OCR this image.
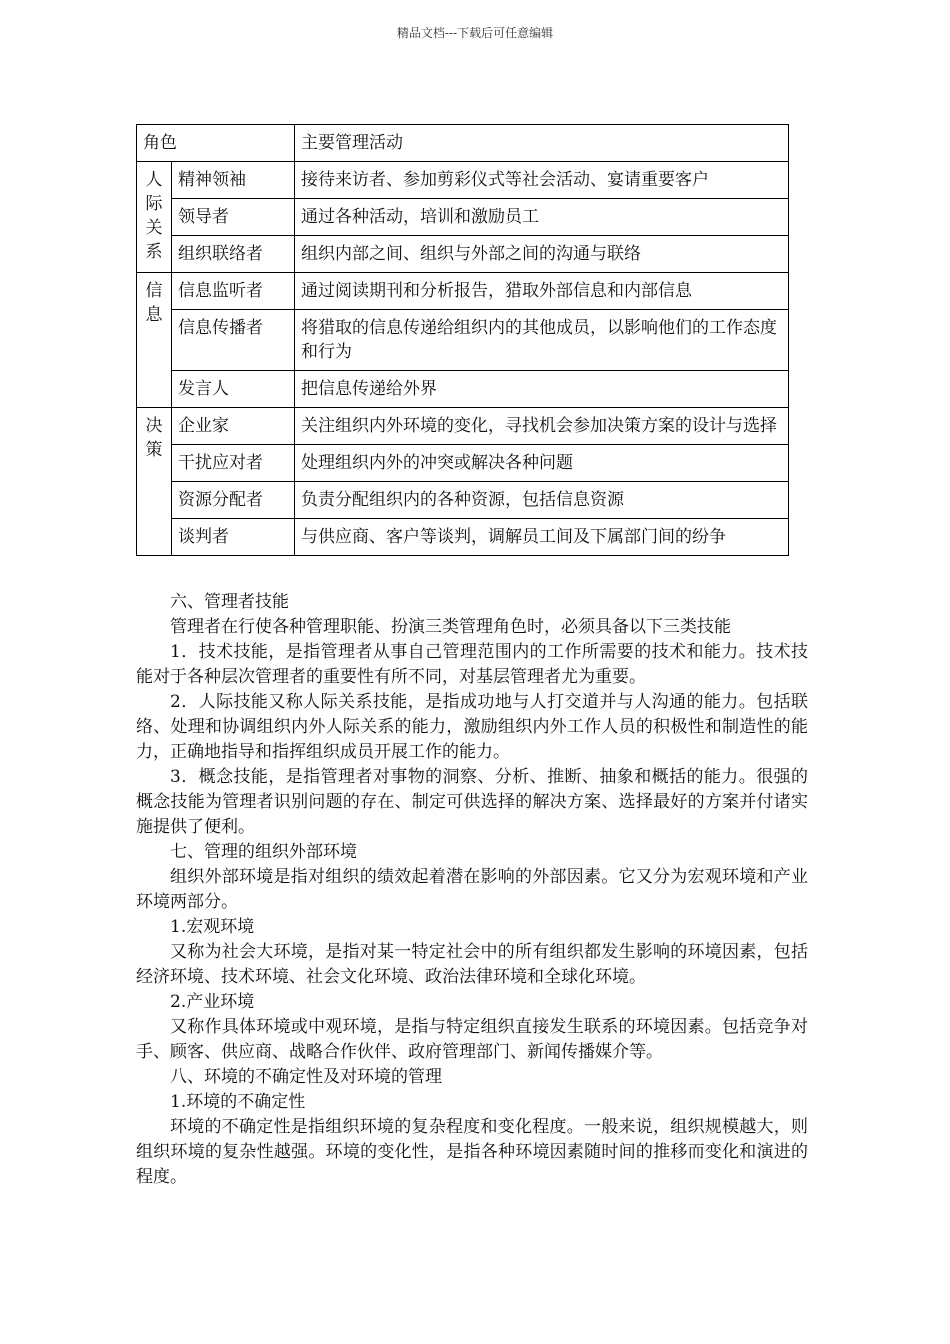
精品文档---下载后可任意编辑
角色		主要管理活动

人际关系	精神领袖	接待来访者、参加剪彩仪式等社会活动、宴请重要客户
	领导者	通过各种活动，培训和激励员工
	组织联络者	组织内部之间、组织与外部之间的沟通与联络

信息	信息监听者	通过阅读期刊和分析报告，猎取外部信息和内部信息
	信息传播者	将猎取的信息传递给组织内的其他成员，以影响他们的工作态度和行为
	发言人	把信息传递给外界

决策	企业家	关注组织内外环境的变化，寻找机会参加决策方案的设计与选择
	干扰应对者	处理组织内外的冲突或解决各种问题
	资源分配者	负责分配组织内的各种资源，包括信息资源
	谈判者	与供应商、客户等谈判，调解员工间及下属部门间的纷争

六、管理者技能

管理者在行使各种管理职能、扮演三类管理角色时，必须具备以下三类技能

1．技术技能，是指管理者从事自己管理范围内的工作所需要的技术和能力。技术技能对于各种层次管理者的重要性有所不同，对基层管理者尤为重要。

2．人际技能又称人际关系技能，是指成功地与人打交道并与人沟通的能力。包括联络、处理和协调组织内外人际关系的能力，激励组织内外工作人员的积极性和制造性的能力，正确地指导和指挥组织成员开展工作的能力。

3．概念技能，是指管理者对事物的洞察、分析、推断、抽象和概括的能力。很强的概念技能为管理者识别问题的存在、制定可供选择的解决方案、选择最好的方案并付诸实施提供了便利。

七、管理的组织外部环境

组织外部环境是指对组织的绩效起着潜在影响的外部因素。它又分为宏观环境和产业环境两部分。

1.宏观环境

又称为社会大环境，是指对某一特定社会中的所有组织都发生影响的环境因素，包括经济环境、技术环境、社会文化环境、政治法律环境和全球化环境。

2.产业环境

又称作具体环境或中观环境，是指与特定组织直接发生联系的环境因素。包括竞争对手、顾客、供应商、战略合作伙伴、政府管理部门、新闻传播媒介等。

八、环境的不确定性及对环境的管理

1.环境的不确定性

环境的不确定性是指组织环境的复杂程度和变化程度。一般来说，组织规模越大，则组织环境的复杂性越强。环境的变化性，是指各种环境因素随时间的推移而变化和演进的程度。
